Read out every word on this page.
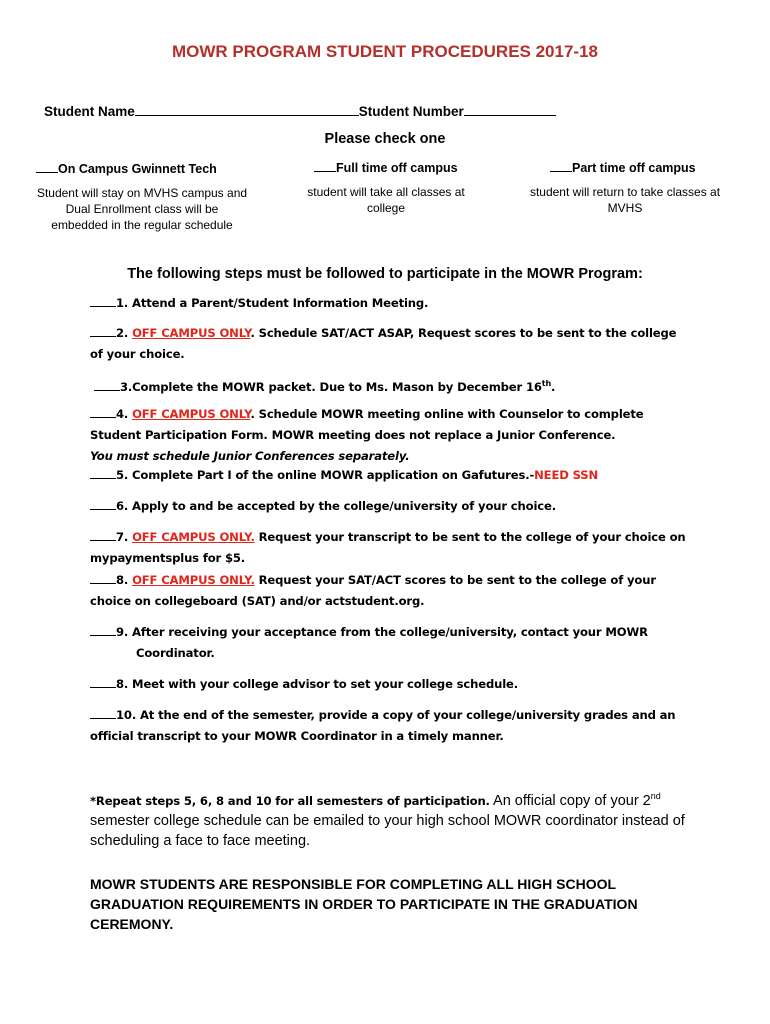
MOWR PROGRAM STUDENT PROCEDURES 2017-18
Student Name	Student Number
Please check one
On Campus Gwinnett Tech
Student will stay on MVHS campus and Dual Enrollment class will be embedded in the regular schedule
Full time off campus
student will take all classes at college
Part time off campus
student will return to take classes at MVHS
The following steps must be followed to participate in the MOWR Program:
1. Attend a Parent/Student Information Meeting.
2. OFF CAMPUS ONLY. Schedule SAT/ACT ASAP, Request scores to be sent to the college of your choice.
3.Complete the MOWR packet. Due to Ms. Mason by December 16th.
4. OFF CAMPUS ONLY. Schedule MOWR meeting online with Counselor to complete Student Participation Form. MOWR meeting does not replace a Junior Conference.
You must schedule Junior Conferences separately.
5. Complete Part I of the online MOWR application on Gafutures.-NEED SSN
6. Apply to and be accepted by the college/university of your choice.
7. OFF CAMPUS ONLY. Request your transcript to be sent to the college of your choice on mypaymentsplus for $5.
8. OFF CAMPUS ONLY. Request your SAT/ACT scores to be sent to the college of your choice on collegeboard (SAT) and/or actstudent.org.
9. After receiving your acceptance from the college/university, contact your MOWR
Coordinator.
8. Meet with your college advisor to set your college schedule.
10. At the end of the semester, provide a copy of your college/university grades and an official transcript to your MOWR Coordinator in a timely manner.
*Repeat steps 5, 6, 8 and 10 for all semesters of participation. An official copy of your 2nd semester college schedule can be emailed to your high school MOWR coordinator instead of scheduling a face to face meeting.
MOWR STUDENTS ARE RESPONSIBLE FOR COMPLETING ALL HIGH SCHOOL GRADUATION REQUIREMENTS IN ORDER TO PARTICIPATE IN THE GRADUATION CEREMONY.
